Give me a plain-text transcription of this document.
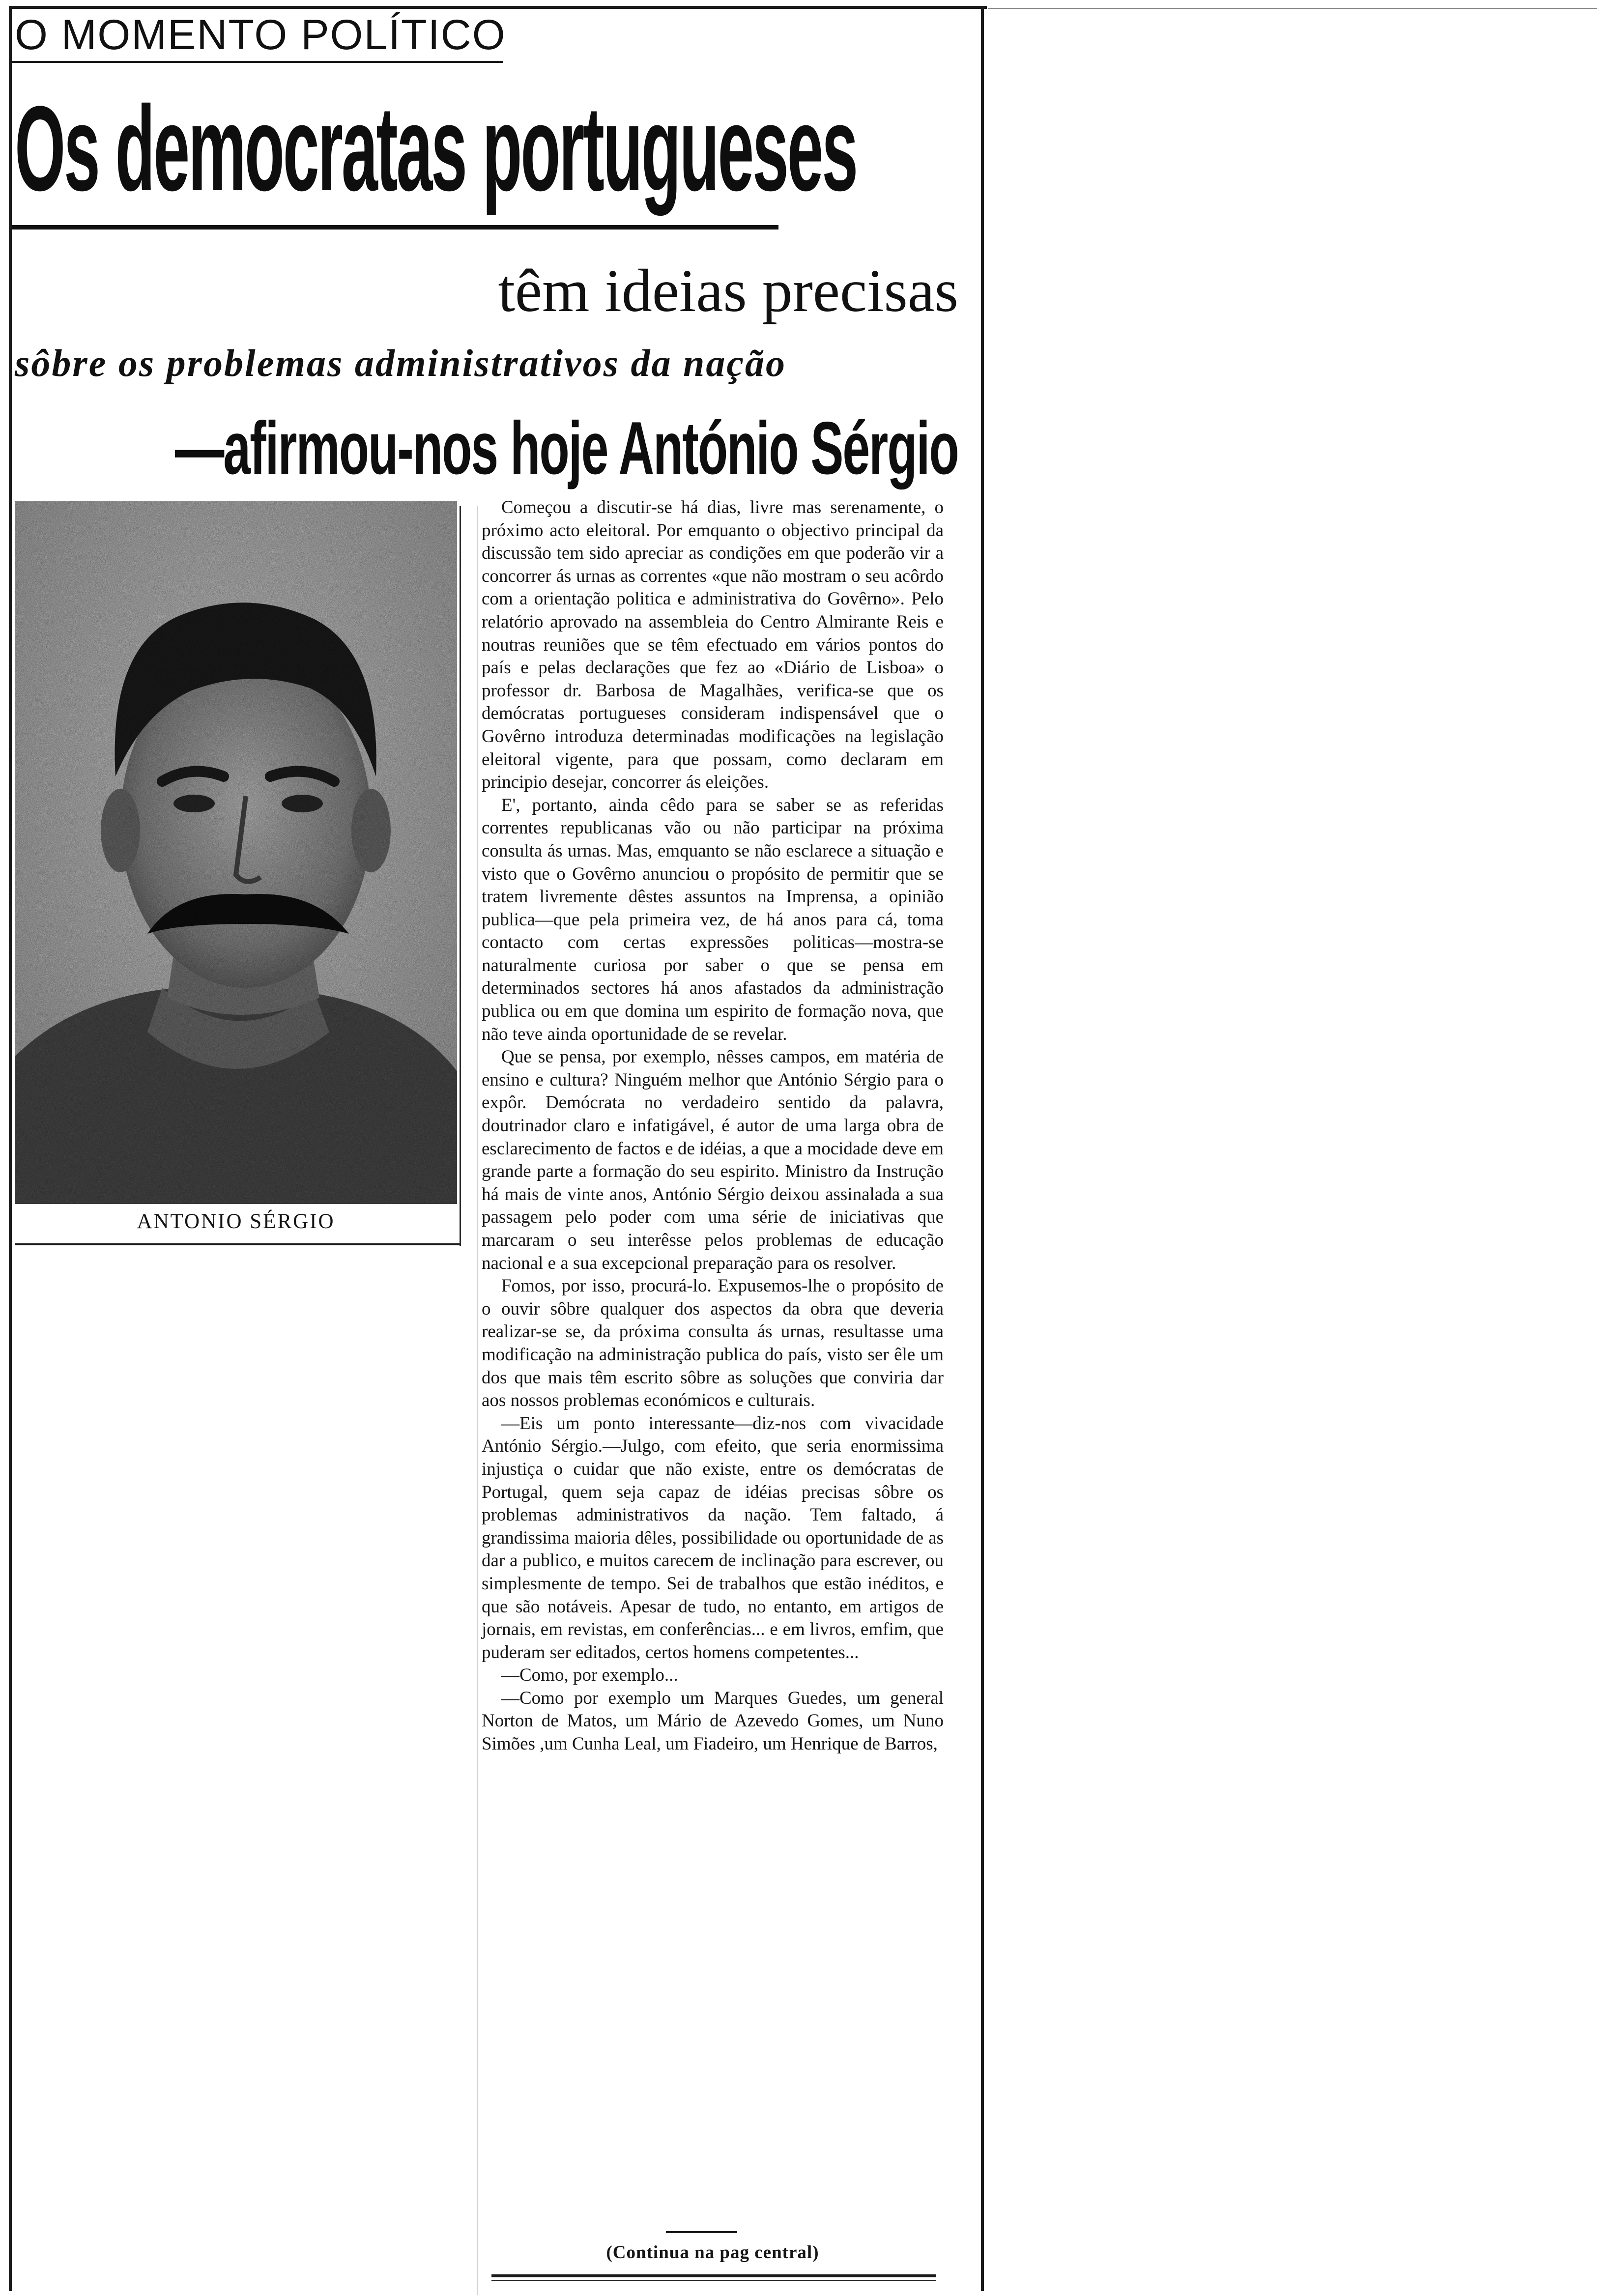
O MOMENTO POLÍTICO
Os democratas portugueses
têm ideias precisas
sôbre os problemas administrativos da nação
—afirmou-nos hoje António Sérgio
ANTONIO SÉRGIO

Começou a discutir-se há dias, livre mas serenamente, o próximo acto eleitoral. Por emquanto o objectivo principal da discussão tem sido apreciar as condições em que poderão vir a concorrer ás urnas as correntes «que não mostram o seu acôrdo com a orientação politica e administrativa do Govêrno». Pelo relatório aprovado na assembleia do Centro Almirante Reis e noutras reuniões que se têm efectuado em vários pontos do país e pelas declarações que fez ao «Diário de Lisboa» o professor dr. Barbosa de Magalhães, verifica-se que os demócratas portugueses consideram indispensável que o Govêrno introduza determinadas modificações na legislação eleitoral vigente, para que possam, como declaram em principio desejar, concorrer ás eleições.

E', portanto, ainda cêdo para se saber se as referidas correntes republicanas vão ou não participar na próxima consulta ás urnas. Mas, emquanto se não esclarece a situação e visto que o Govêrno anunciou o propósito de permitir que se tratem livremente dêstes assuntos na Imprensa, a opinião publica—que pela primeira vez, de há anos para cá, toma contacto com certas expressões politicas—mostra-se naturalmente curiosa por saber o que se pensa em determinados sectores há anos afastados da administração publica ou em que domina um espirito de formação nova, que não teve ainda oportunidade de se revelar.

Que se pensa, por exemplo, nêsses campos, em matéria de ensino e cultura? Ninguém melhor que António Sérgio para o expôr. Demócrata no verdadeiro sentido da palavra, doutrinador claro e infatigável, é autor de uma larga obra de esclarecimento de factos e de idéias, a que a mocidade deve em grande parte a formação do seu espirito. Ministro da Instrução há mais de vinte anos, António Sérgio deixou assinalada a sua passagem pelo poder com uma série de iniciativas que marcaram o seu interêsse pelos problemas de educação nacional e a sua excepcional preparação para os resolver.

Fomos, por isso, procurá-lo. Expusemos-lhe o propósito de o ouvir sôbre qualquer dos aspectos da obra que deveria realizar-se se, da próxima consulta ás urnas, resultasse uma modificação na administração publica do país, visto ser êle um dos que mais têm escrito sôbre as soluções que conviria dar aos nossos problemas económicos e culturais.

—Eis um ponto interessante—diz-nos com vivacidade António Sérgio.—Julgo, com efeito, que seria enormissima injustiça o cuidar que não existe, entre os demócratas de Portugal, quem seja capaz de idéias precisas sôbre os problemas administrativos da nação. Tem faltado, á grandissima maioria dêles, possibilidade ou oportunidade de as dar a publico, e muitos carecem de inclinação para escrever, ou simplesmente de tempo. Sei de trabalhos que estão inéditos, e que são notáveis. Apesar de tudo, no entanto, em artigos de jornais, em revistas, em conferências... e em livros, emfim, que puderam ser editados, certos homens competentes...

—Como, por exemplo...

—Como por exemplo um Marques Guedes, um general Norton de Matos, um Mário de Azevedo Gomes, um Nuno Simões ,um Cunha Leal, um Fiadeiro, um Henrique de Barros,

(Continua na pag central)
